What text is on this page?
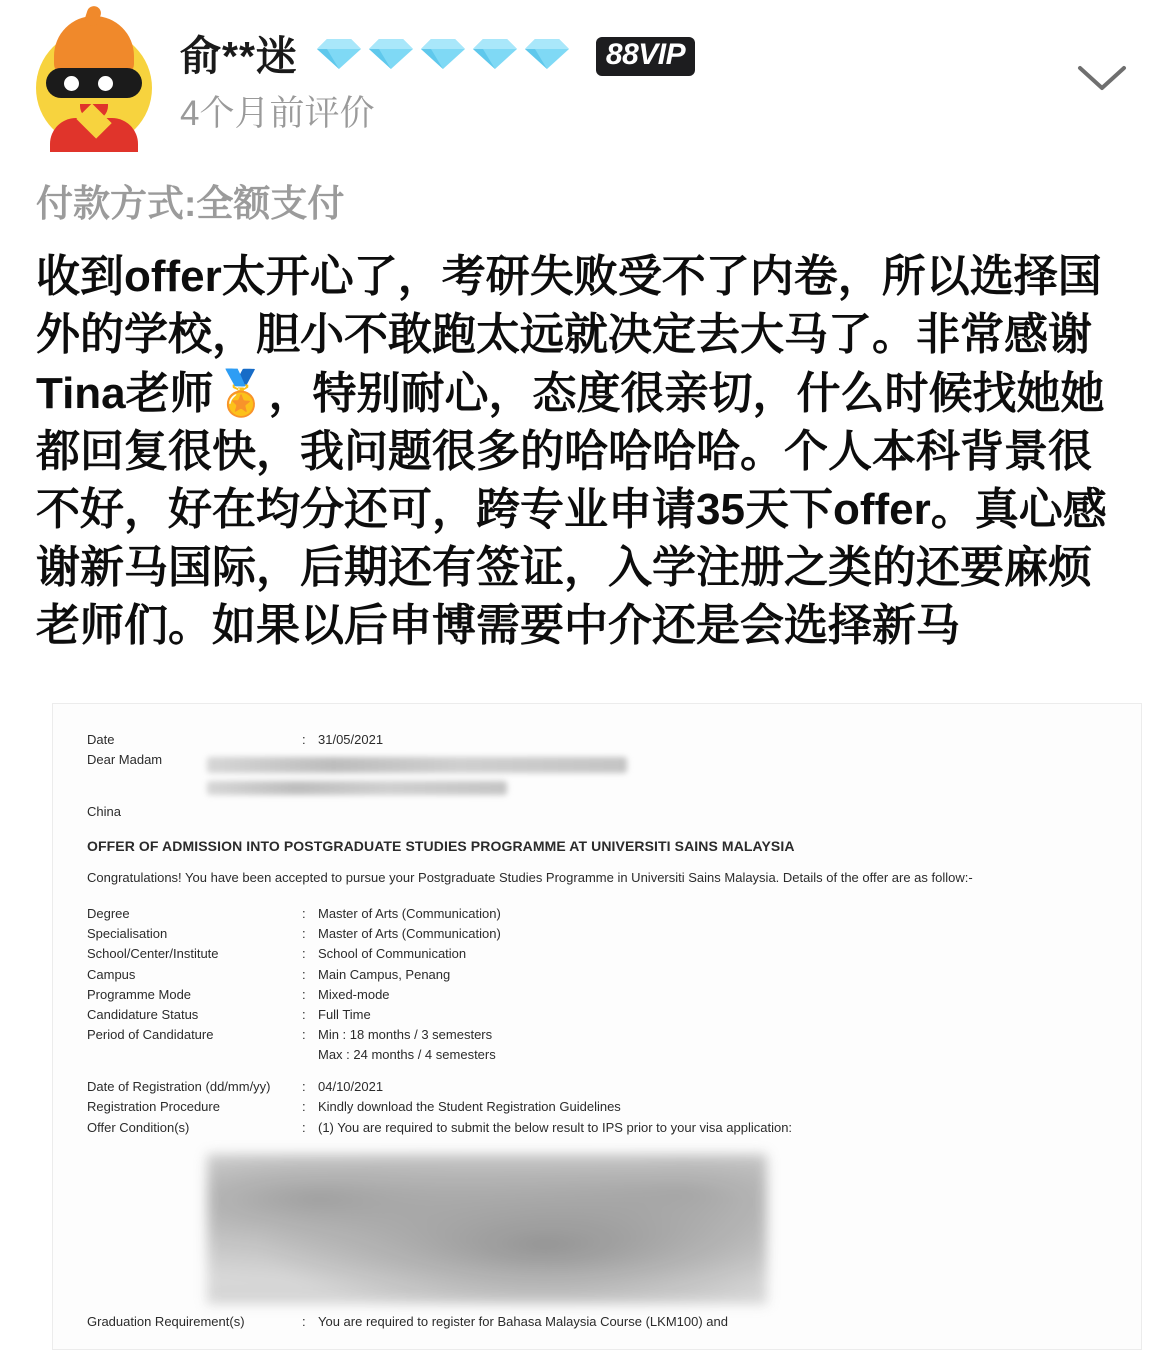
俞**迷	88VIP
4个月前评价
付款方式:全额支付
收到offer太开心了，考研失败受不了内卷，所以选择国外的学校，胆小不敢跑太远就决定去大马了。非常感谢Tina老师🏅，特别耐心，态度很亲切，什么时候找她她都回复很快，我问题很多的哈哈哈哈。个人本科背景很不好，好在均分还可，跨专业申请35天下offer。真心感谢新马国际，后期还有签证，入学注册之类的还要麻烦老师们。如果以后申博需要中介还是会选择新马
Date	: 31/05/2021
Dear Madam

China
OFFER OF ADMISSION INTO POSTGRADUATE STUDIES PROGRAMME AT UNIVERSITI SAINS MALAYSIA
Congratulations! You have been accepted to pursue your Postgraduate Studies Programme in Universiti Sains Malaysia. Details of the offer are as follow:-
Degree	: Master of Arts (Communication)
Specialisation	: Master of Arts (Communication)
School/Center/Institute	: School of Communication
Campus	: Main Campus, Penang
Programme Mode	: Mixed-mode
Candidature Status	: Full Time
Period of Candidature	: Min : 18 months / 3 semesters
Max : 24 months / 4 semesters
Date of Registration (dd/mm/yy)	: 04/10/2021
Registration Procedure	: Kindly download the Student Registration Guidelines
Offer Condition(s)	: (1) You are required to submit the below result to IPS prior to your visa application:
Graduation Requirement(s)	: You are required to register for Bahasa Malaysia Course (LKM100) and
